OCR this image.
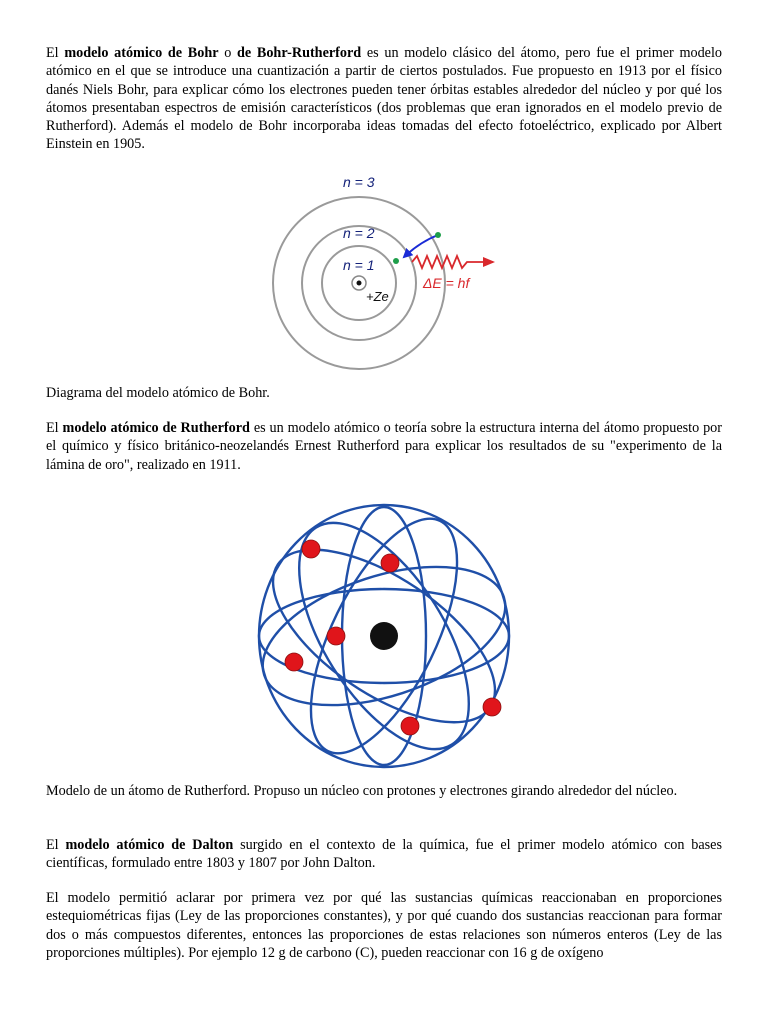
El modelo atómico de Bohr o de Bohr-Rutherford es un modelo clásico del átomo, pero fue el primer modelo atómico en el que se introduce una cuantización a partir de ciertos postulados. Fue propuesto en 1913 por el físico danés Niels Bohr, para explicar cómo los electrones pueden tener órbitas estables alrededor del núcleo y por qué los átomos presentaban espectros de emisión característicos (dos problemas que eran ignorados en el modelo previo de Rutherford). Además el modelo de Bohr incorporaba ideas tomadas del efecto fotoeléctrico, explicado por Albert Einstein en 1905.

n = 3
n = 2
n = 1
+Ze
ΔE = hf

Diagrama del modelo atómico de Bohr.

El modelo atómico de Rutherford es un modelo atómico o teoría sobre la estructura interna del átomo propuesto por el químico y físico británico-neozelandés Ernest Rutherford para explicar los resultados de su "experimento de la lámina de oro", realizado en 1911.

Modelo de un átomo de Rutherford. Propuso un núcleo con protones y electrones girando alrededor del núcleo.

El modelo atómico de Dalton surgido en el contexto de la química, fue el primer modelo atómico con bases científicas, formulado entre 1803 y 1807 por John Dalton.

El modelo permitió aclarar por primera vez por qué las sustancias químicas reaccionaban en proporciones estequiométricas fijas (Ley de las proporciones constantes), y por qué cuando dos sustancias reaccionan para formar dos o más compuestos diferentes, entonces las proporciones de estas relaciones son números enteros (Ley de las proporciones múltiples). Por ejemplo 12 g de carbono (C), pueden reaccionar con 16 g de oxígeno
